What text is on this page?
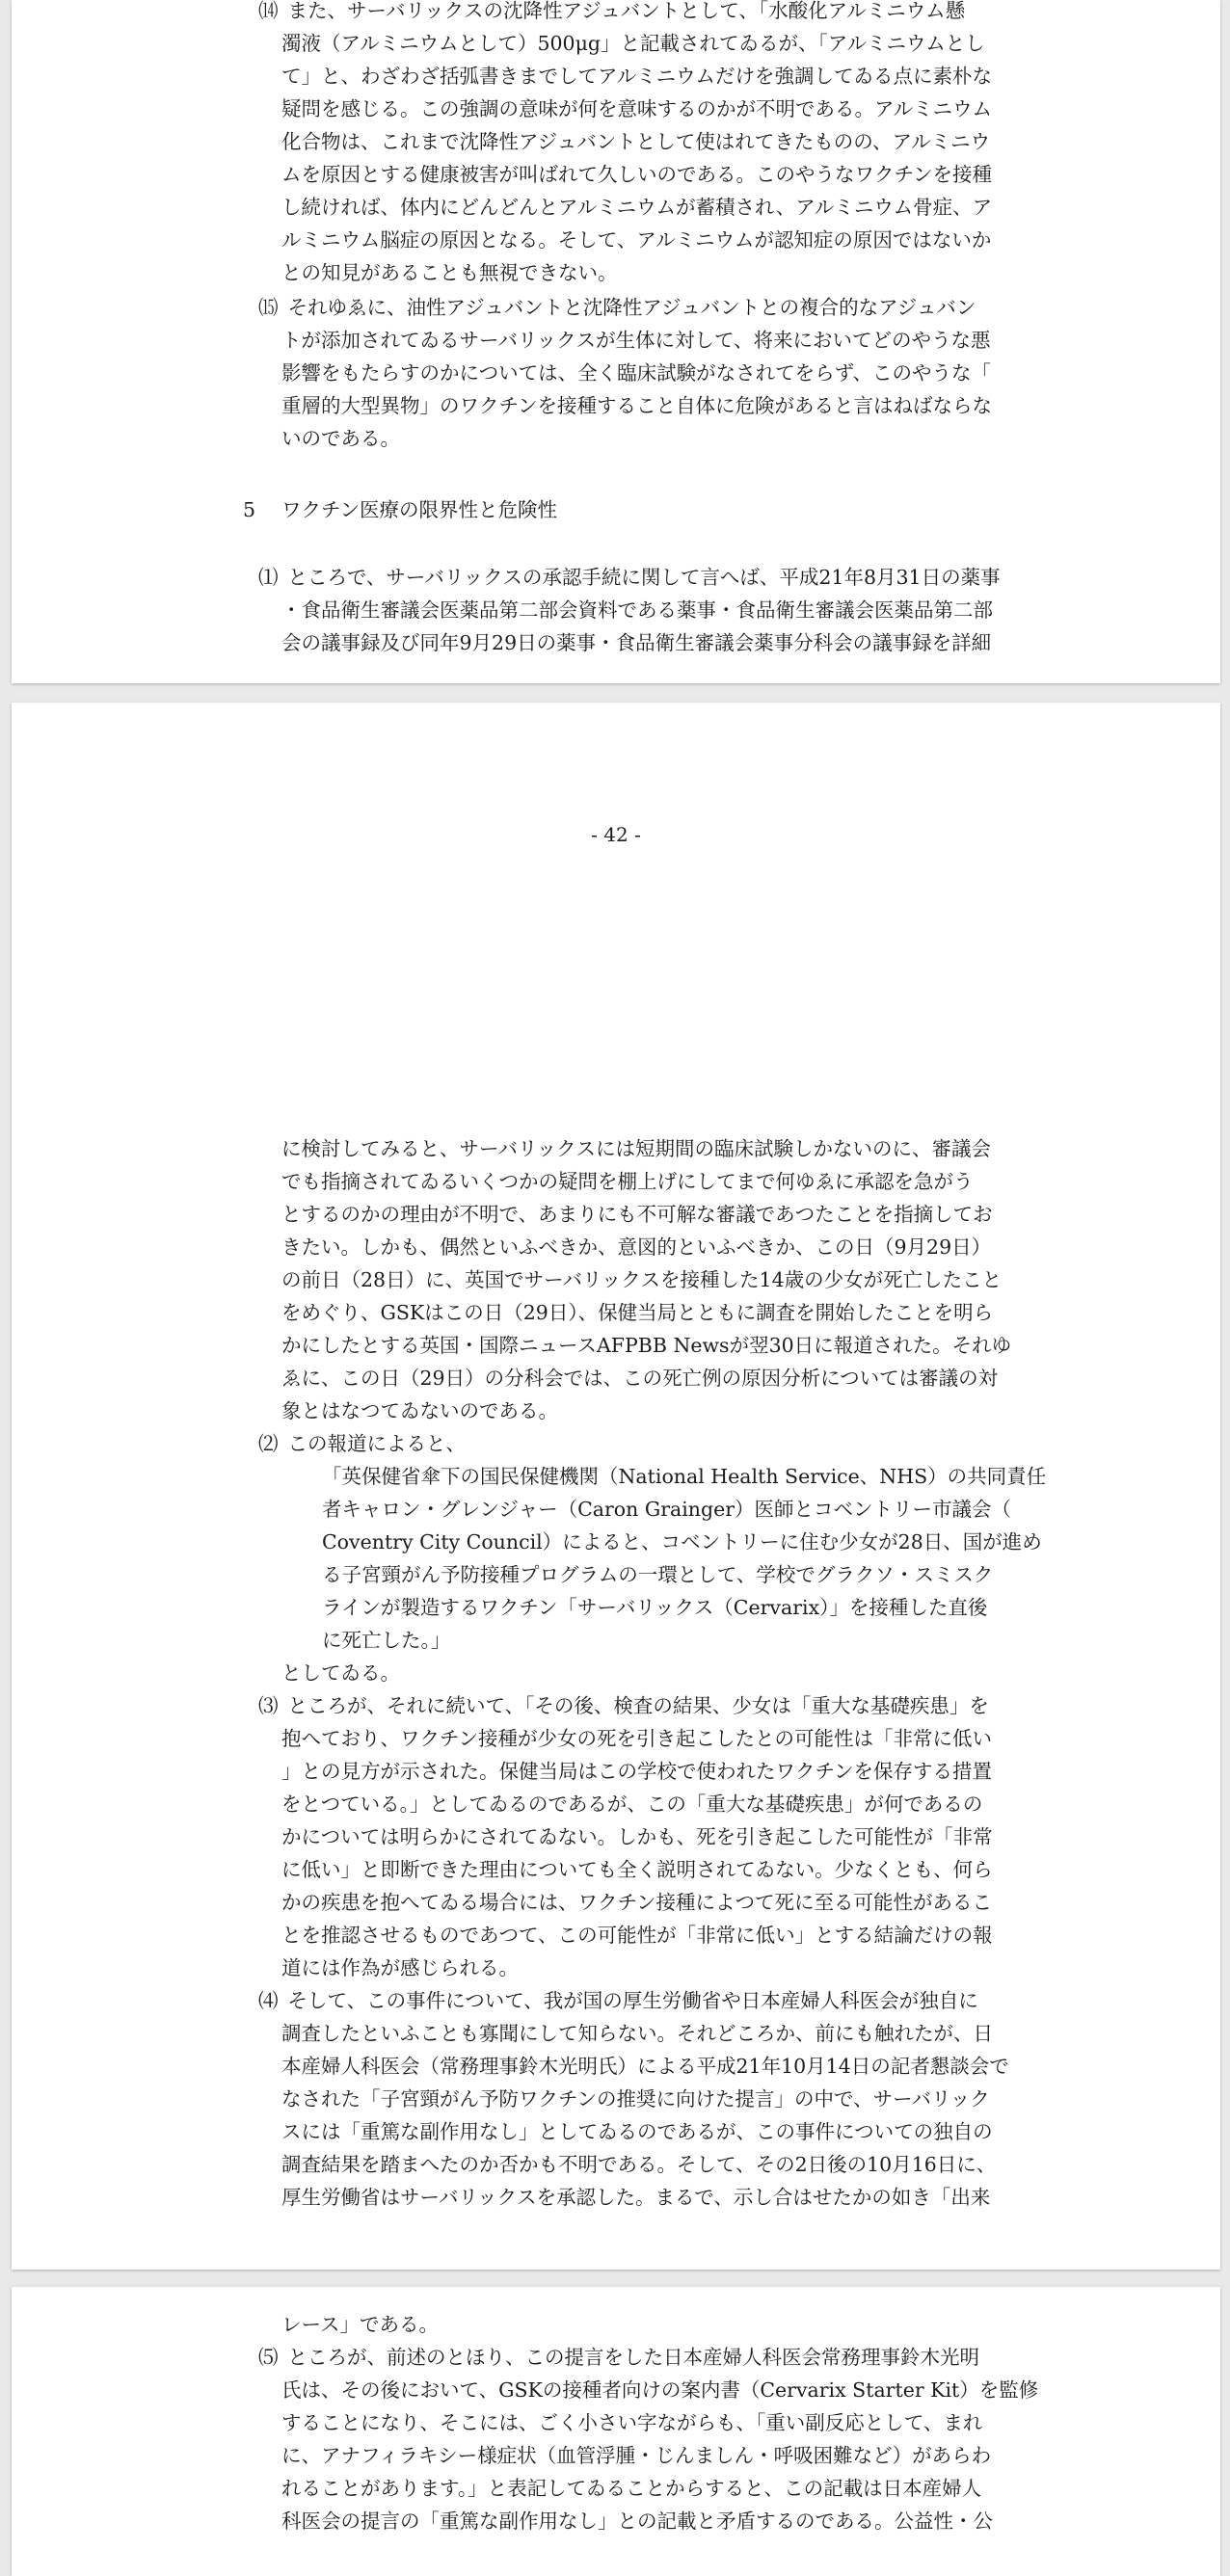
⒁ また、サーバリックスの沈降性アジュバントとして、「水酸化アルミニウム懸

濁液（アルミニウムとして）500μg」と記載されてゐるが、「アルミニウムとし
て」と、わざわざ括弧書きまでしてアルミニウムだけを強調してゐる点に素朴な
疑問を感じる。この強調の意味が何を意味するのかが不明である。アルミニウム
化合物は、これまで沈降性アジュバントとして使はれてきたものの、アルミニウ
ムを原因とする健康被害が叫ばれて久しいのである。このやうなワクチンを接種
し続ければ、体内にどんどんとアルミニウムが蓄積され、アルミニウム骨症、ア
ルミニウム脳症の原因となる。そして、アルミニウムが認知症の原因ではないか
との知見があることも無視できない。
⒂ それゆゑに、油性アジュバントと沈降性アジュバントとの複合的なアジュバン

トが添加されてゐるサーバリックスが生体に対して、将来においてどのやうな悪
影響をもたらすのかについては、全く臨床試験がなされてをらず、このやうな「
重層的大型異物」のワクチンを接種すること自体に危険があると言はねばならな
いのである。
5 ワクチン医療の限界性と危険性
⑴ ところで、サーバリックスの承認手続に関して言へば、平成21年8月31日の薬事

・食品衛生審議会医薬品第二部会資料である薬事・食品衛生審議会医薬品第二部
会の議事録及び同年9月29日の薬事・食品衛生審議会薬事分科会の議事録を詳細
- 42 -
に検討してみると、サーバリックスには短期間の臨床試験しかないのに、審議会
でも指摘されてゐるいくつかの疑問を棚上げにしてまで何ゆゑに承認を急がう
とするのかの理由が不明で、あまりにも不可解な審議であつたことを指摘してお
きたい。しかも、偶然といふべきか、意図的といふべきか、この日（9月29日）
の前日（28日）に、英国でサーバリックスを接種した14歳の少女が死亡したこと
をめぐり、GSKはこの日（29日）、保健当局とともに調査を開始したことを明ら
かにしたとする英国・国際ニュースAFPBB Newsが翌30日に報道された。それゆ
ゑに、この日（29日）の分科会では、この死亡例の原因分析については審議の対
象とはなつてゐないのである。
⑵ この報道によると、
「英保健省傘下の国民保健機関（National Health Service、NHS）の共同責任
者キャロン・グレンジャー（Caron Grainger）医師とコベントリー市議会（
Coventry City Council）によると、コベントリーに住む少女が28日、国が進め
る子宮頸がん予防接種プログラムの一環として、学校でグラクソ・スミスク
ラインが製造するワクチン「サーバリックス（Cervarix）」を接種した直後
に死亡した。」
としてゐる。
⑶ ところが、それに続いて、「その後、検査の結果、少女は「重大な基礎疾患」を

抱へており、ワクチン接種が少女の死を引き起こしたとの可能性は「非常に低い
」との見方が示された。保健当局はこの学校で使われたワクチンを保存する措置
をとつている。」としてゐるのであるが、この「重大な基礎疾患」が何であるの
かについては明らかにされてゐない。しかも、死を引き起こした可能性が「非常
に低い」と即断できた理由についても全く説明されてゐない。少なくとも、何ら
かの疾患を抱へてゐる場合には、ワクチン接種によつて死に至る可能性があるこ
とを推認させるものであつて、この可能性が「非常に低い」とする結論だけの報
道には作為が感じられる。
⑷ そして、この事件について、我が国の厚生労働省や日本産婦人科医会が独自に

調査したといふことも寡聞にして知らない。それどころか、前にも触れたが、日
本産婦人科医会（常務理事鈴木光明氏）による平成21年10月14日の記者懇談会で
なされた「子宮頸がん予防ワクチンの推奨に向けた提言」の中で、サーバリック
スには「重篤な副作用なし」としてゐるのであるが、この事件についての独自の
調査結果を踏まへたのか否かも不明である。そして、その2日後の10月16日に、
厚生労働省はサーバリックスを承認した。まるで、示し合はせたかの如き「出来
レース」である。
⑸ ところが、前述のとほり、この提言をした日本産婦人科医会常務理事鈴木光明

氏は、その後において、GSKの接種者向けの案内書（Cervarix Starter Kit）を監修
することになり、そこには、ごく小さい字ながらも、「重い副反応として、まれ
に、アナフィラキシー様症状（血管浮腫・じんましん・呼吸困難など）があらわ
れることがあります。」と表記してゐることからすると、この記載は日本産婦人
科医会の提言の「重篤な副作用なし」との記載と矛盾するのである。公益性・公
